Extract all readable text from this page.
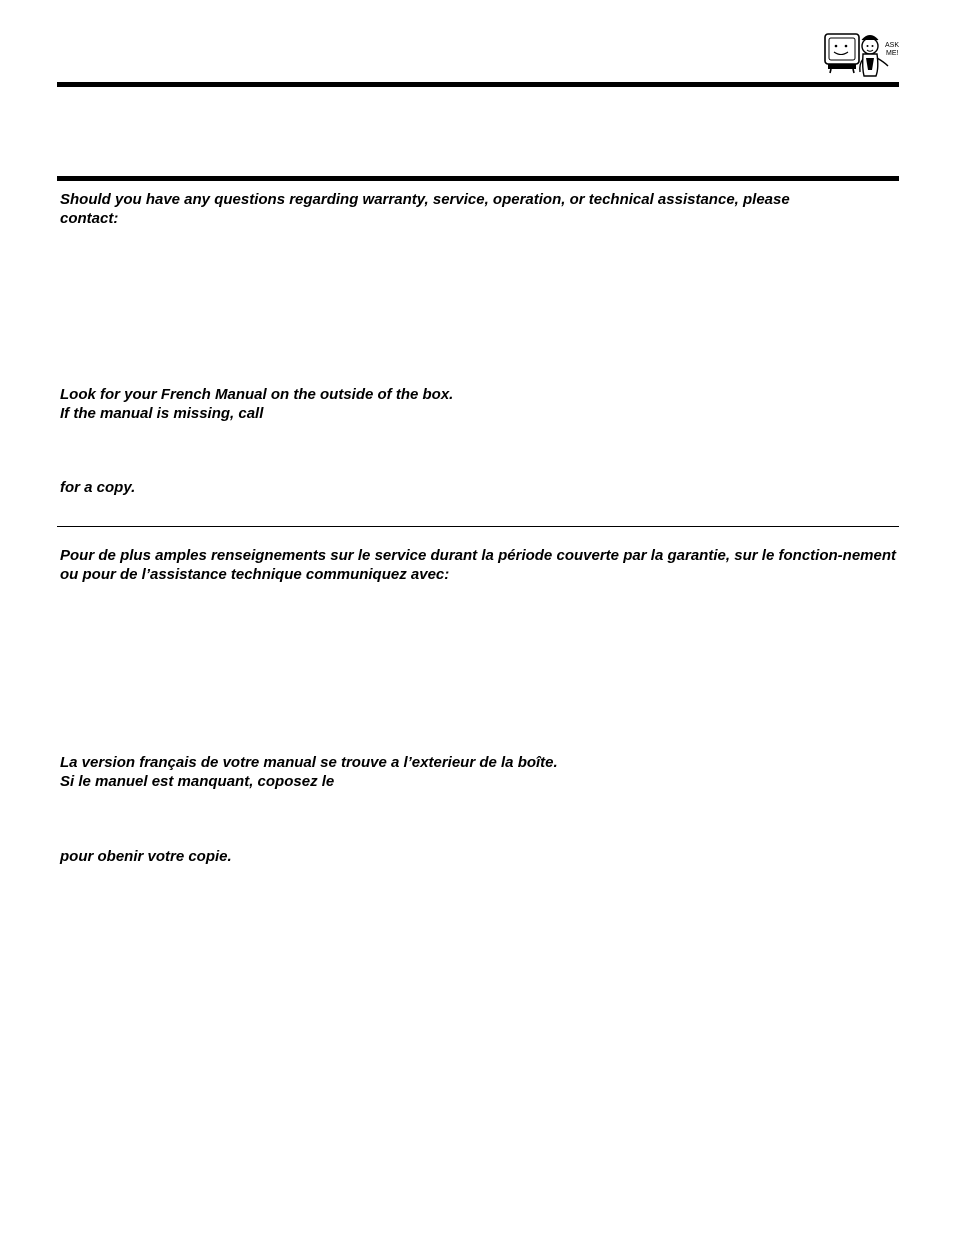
ASK
ME!
Should you have any questions regarding warranty, service, operation, or technical assistance, please
contact:
Look for your French Manual on the outside of the box.
If the manual is missing, call
for a copy.
Pour de plus amples renseignements sur le service durant la période couverte par la garantie, sur le fonction-nement ou pour de l’assistance technique communiquez avec:
La version français de votre manual se trouve a l’exterieur de la boîte.
Si le manuel est manquant, coposez le
pour obenir votre copie.
